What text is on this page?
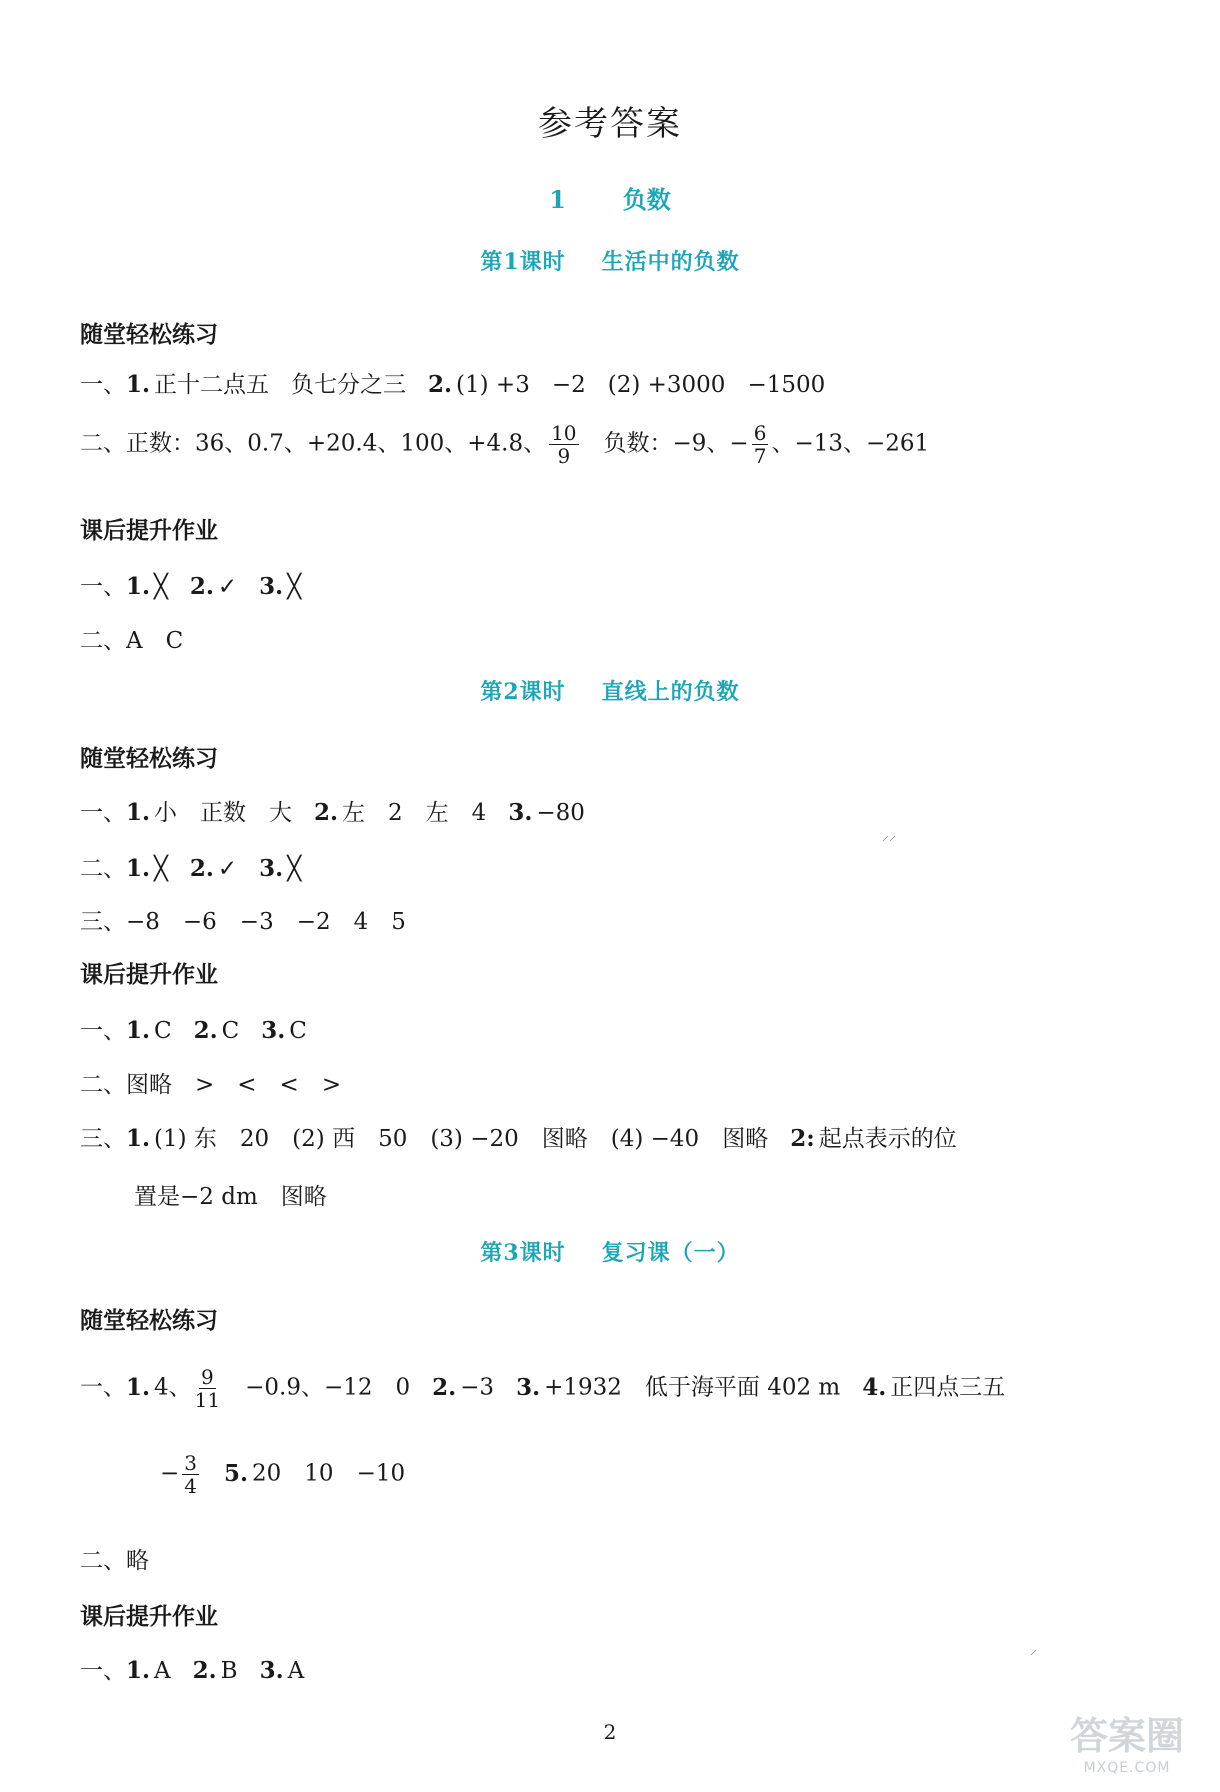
参考答案
1 负数
第1课时 生活中的负数
随堂轻松练习
一、1. 正十二点五 负七分之三 2. (1) +3 −2 (2) +3000 −1500
二、正数：36、0.7、+20.4、100、+4.8、 $\frac{10}{9}$ 负数：−9、− $\frac{6}{7}$ 、−13、−261
课后提升作业
一、1. ╳ 2. ✓ 3. ╳
二、A　C
第2课时 直线上的负数
随堂轻松练习
一、1. 小　正数　大 2. 左　2　左　4 3. −80
二、1. ╳ 2. ✓ 3. ╳
三、−8　−6　−3　−2　4　5
课后提升作业
一、1. C 2. C 3. C
二、图略　>　<　<　>
三、1. (1) 东　20　(2) 西　50　(3) −20　图略　(4) −40　图略 2: 起点表示的位
置是−2 dm　图略
第3课时 复习课（一）
随堂轻松练习
一、1. 4、 $\frac{9}{11} -0.9$、−12　0 2. −3 3. +1932　低于海平面 402 m 4. 正四点三五
− $\frac{3}{4} 5$. 20　10　−10
二、略
课后提升作业
一、1. A 2. B 3. A
⸝⸝
⸝
2	答案圈
MXQE.COM
